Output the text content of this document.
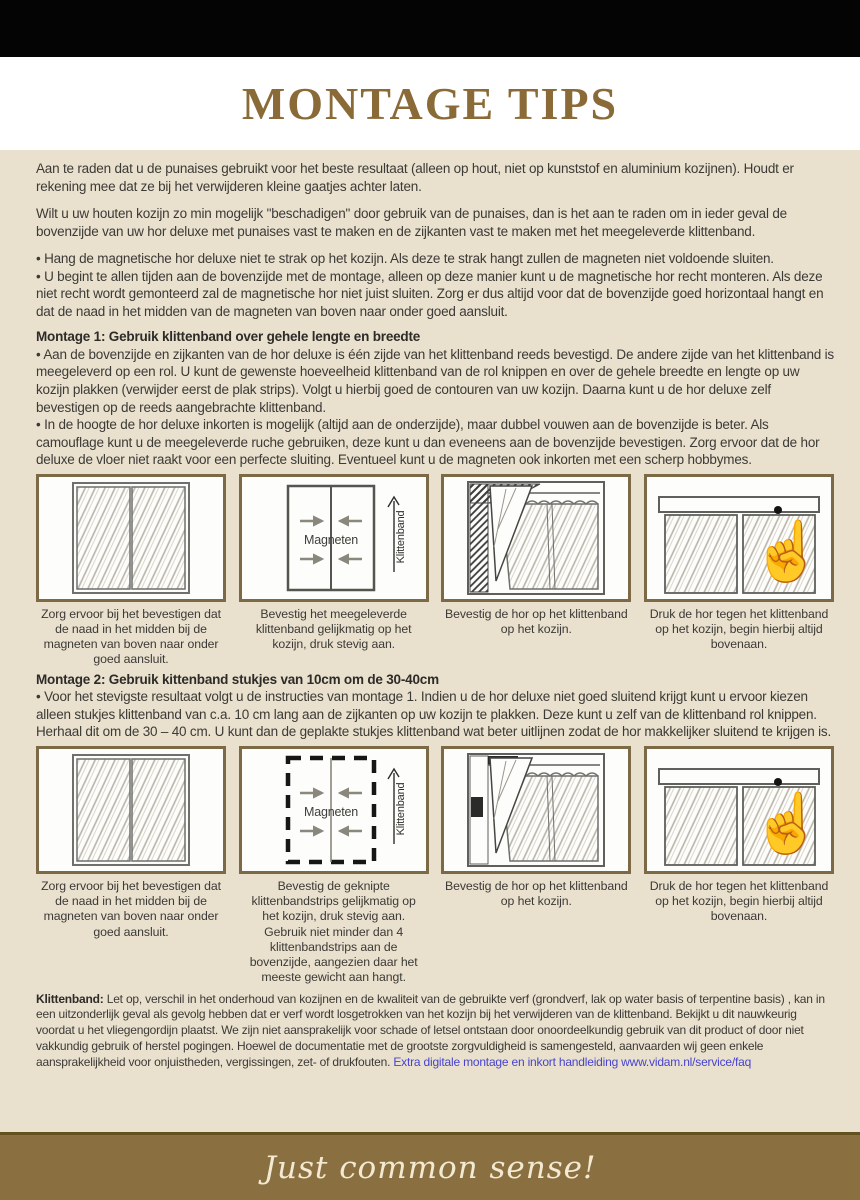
MONTAGE TIPS

Aan te raden dat u de punaises gebruikt voor het beste resultaat (alleen op hout, niet op kunststof en aluminium kozijnen). Houdt er rekening mee dat ze bij het verwijderen kleine gaatjes achter laten.

Wilt u uw houten kozijn zo min mogelijk "beschadigen" door gebruik van de punaises, dan is het aan te raden om in ieder geval de bovenzijde van uw hor deluxe met punaises vast te maken en de zijkanten vast te maken met het meegeleverde klittenband.

• Hang de magnetische hor deluxe niet te strak op het kozijn. Als deze te strak hangt zullen de magneten niet voldoende sluiten.

• U begint te allen tijden aan de bovenzijde met de montage, alleen op deze manier kunt u de magnetische hor recht monteren. Als deze niet recht wordt gemonteerd zal de magnetische hor niet juist sluiten. Zorg er dus altijd voor dat de bovenzijde goed horizontaal hangt en dat de naad in het midden van de magneten van boven naar onder goed aansluit.

Montage 1: Gebruik klittenband over gehele lengte en breedte

• Aan de bovenzijde en zijkanten van de hor deluxe is één zijde van het klittenband reeds bevestigd. De andere zijde van het klittenband is meegeleverd op een rol. U kunt de gewenste hoeveelheid klittenband van de rol knippen en over de gehele breedte en lengte op uw kozijn plakken (verwijder eerst de plak strips). Volgt u hierbij goed de contouren van uw kozijn. Daarna kunt u de hor deluxe zelf bevestigen op de reeds aangebrachte klittenband.

• In de hoogte de hor deluxe inkorten is mogelijk (altijd aan de onderzijde), maar dubbel vouwen aan de bovenzijde is beter. Als camouflage kunt u de meegeleverde ruche gebruiken, deze kunt u dan eveneens aan de bovenzijde bevestigen. Zorg ervoor dat de hor deluxe de vloer niet raakt voor een perfecte sluiting. Eventueel kunt u de magneten ook inkorten met een scherp hobbymes.

Zorg ervoor bij het bevestigen dat de naad in het midden bij de magneten van boven naar onder goed aansluit.
Magneten	Klittenband
Bevestig het meegeleverde klittenband gelijkmatig op het kozijn, druk stevig aan.
Bevestig de hor op het klittenband op het kozijn.
☝
Druk de hor tegen het klittenband op het kozijn, begin hierbij altijd bovenaan.

Montage 2: Gebruik kittenband stukjes van 10cm om de 30-40cm

• Voor het stevigste resultaat volgt u de instructies van montage 1. Indien u de hor deluxe niet goed sluitend krijgt kunt u ervoor kiezen alleen stukjes klittenband van c.a. 10 cm lang aan de zijkanten op uw kozijn te plakken. Deze kunt u zelf van de klittenband rol knippen. Herhaal dit om de 30 – 40 cm. U kunt dan de geplakte stukjes klittenband wat beter uitlijnen zodat de hor makkelijker sluitend te krijgen is.

Zorg ervoor bij het bevestigen dat de naad in het midden bij de magneten van boven naar onder goed aansluit.
Magneten	Klittenband
Bevestig de geknipte klittenbandstrips gelijkmatig op het kozijn, druk stevig aan. Gebruik niet minder dan 4 klittenbandstrips aan de bovenzijde, aangezien daar het meeste gewicht aan hangt.
Bevestig de hor op het klittenband op het kozijn.
☝
Druk de hor tegen het klittenband op het kozijn, begin hierbij altijd bovenaan.

Klittenband: Let op, verschil in het onderhoud van kozijnen en de kwaliteit van de gebruikte verf (grondverf, lak op water basis of terpentine basis) , kan in een uitzonderlijk geval als gevolg hebben dat er verf wordt losgetrokken van het kozijn bij het verwijderen van de klittenband. Bekijkt u dit nauwkeurig voordat u het vliegengordijn plaatst. We zijn niet aansprakelijk voor schade of letsel ontstaan door onoordeelkundig gebruik van dit product of door niet vakkundig gebruik of herstel pogingen. Hoewel de documentatie met de grootste zorgvuldigheid is samengesteld, aanvaarden wij geen enkele aansprakelijkheid voor onjuistheden, vergissingen, zet- of drukfouten. Extra digitale montage en inkort handleiding www.vidam.nl/service/faq

Just common sense!
